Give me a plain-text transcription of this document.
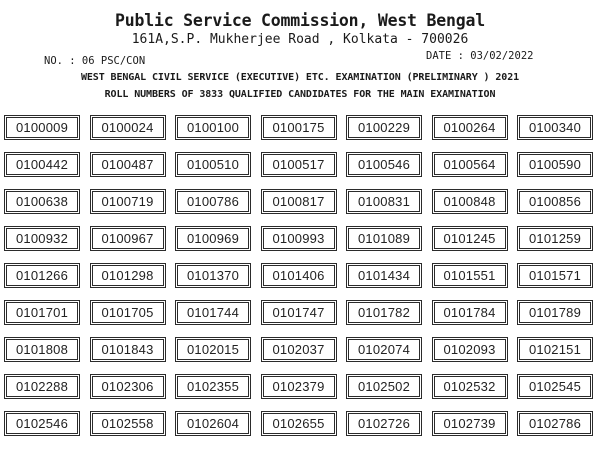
Public Service Commission, West Bengal
161A,S.P. Mukherjee Road , Kolkata - 700026
NO. : 06 PSC/CON	DATE : 03/02/2022
WEST BENGAL CIVIL SERVICE (EXECUTIVE) ETC. EXAMINATION (PRELIMINARY ) 2021
ROLL NUMBERS OF 3833 QUALIFIED CANDIDATES FOR THE MAIN EXAMINATION
0100009	0100024	0100100	0100175	0100229	0100264	0100340
0100442	0100487	0100510	0100517	0100546	0100564	0100590
0100638	0100719	0100786	0100817	0100831	0100848	0100856
0100932	0100967	0100969	0100993	0101089	0101245	0101259
0101266	0101298	0101370	0101406	0101434	0101551	0101571
0101701	0101705	0101744	0101747	0101782	0101784	0101789
0101808	0101843	0102015	0102037	0102074	0102093	0102151
0102288	0102306	0102355	0102379	0102502	0102532	0102545
0102546	0102558	0102604	0102655	0102726	0102739	0102786
